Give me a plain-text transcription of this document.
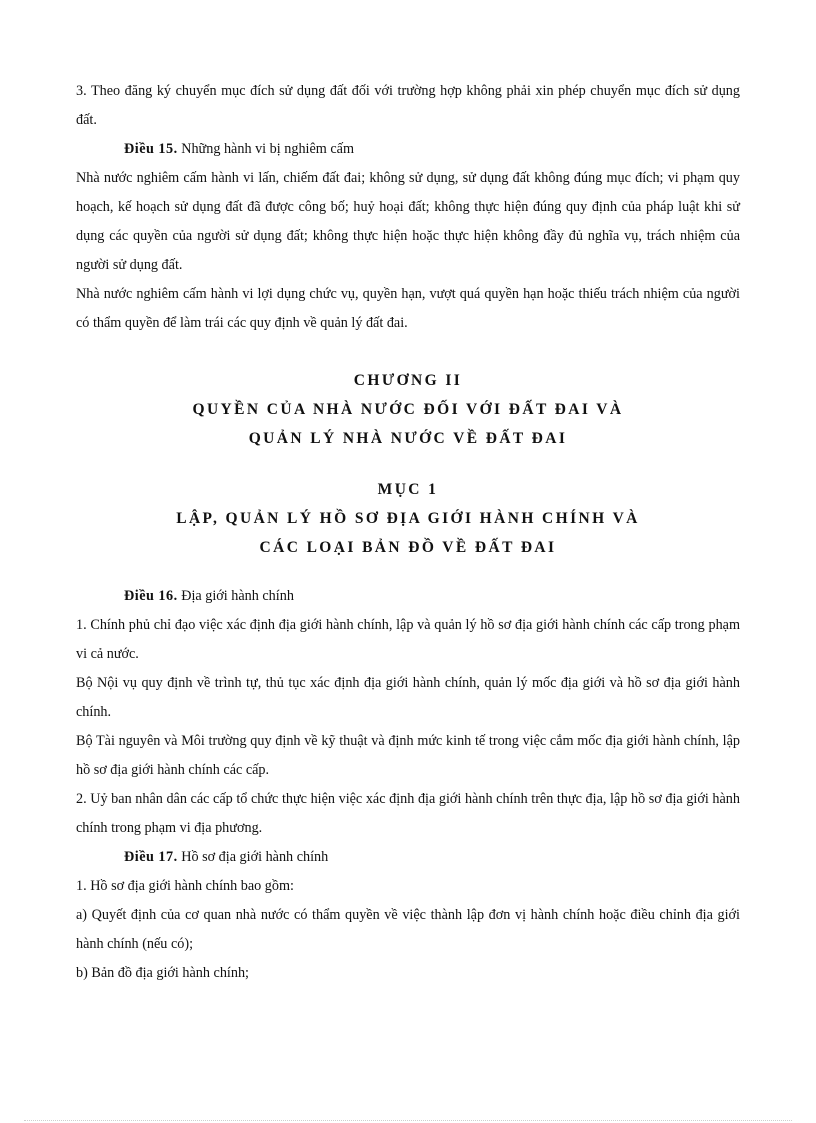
3. Theo đăng ký chuyển mục đích sử dụng đất đối với trường hợp không phải xin phép chuyển mục đích sử dụng đất.

Điều 15. Những hành vi bị nghiêm cấm

Nhà nước nghiêm cấm hành vi lấn, chiếm đất đai; không sử dụng, sử dụng đất không đúng mục đích; vi phạm quy hoạch, kế hoạch sử dụng đất đã được công bố; huỷ hoại đất; không thực hiện đúng quy định của pháp luật khi sử dụng các quyền của người sử dụng đất; không thực hiện hoặc thực hiện không đầy đủ nghĩa vụ, trách nhiệm của người sử dụng đất.

Nhà nước nghiêm cấm hành vi lợi dụng chức vụ, quyền hạn, vượt quá quyền hạn hoặc thiếu trách nhiệm của người có thẩm quyền để làm trái các quy định về quản lý đất đai.

CHƯƠNG II
QUYỀN CỦA NHÀ NƯỚC ĐỐI VỚI ĐẤT ĐAI VÀ
QUẢN LÝ NHÀ NƯỚC VỀ ĐẤT ĐAI
MỤC 1
LẬP, QUẢN LÝ HỒ SƠ ĐỊA GIỚI HÀNH CHÍNH VÀ
CÁC LOẠI BẢN ĐỒ VỀ ĐẤT ĐAI

Điều 16. Địa giới hành chính

1. Chính phủ chỉ đạo việc xác định địa giới hành chính, lập và quản lý hồ sơ địa giới hành chính các cấp trong phạm vi cả nước.

Bộ Nội vụ quy định về trình tự, thủ tục xác định địa giới hành chính, quản lý mốc địa giới và hồ sơ địa giới hành chính.

Bộ Tài nguyên và Môi trường quy định về kỹ thuật và định mức kinh tế trong việc cắm mốc địa giới hành chính, lập hồ sơ địa giới hành chính các cấp.

2. Uỷ ban nhân dân các cấp tổ chức thực hiện việc xác định địa giới hành chính trên thực địa, lập hồ sơ địa giới hành chính trong phạm vi địa phương.

Điều 17. Hồ sơ địa giới hành chính

1. Hồ sơ địa giới hành chính bao gồm:

a) Quyết định của cơ quan nhà nước có thẩm quyền về việc thành lập đơn vị hành chính hoặc điều chỉnh địa giới hành chính (nếu có);

b) Bản đồ địa giới hành chính;
